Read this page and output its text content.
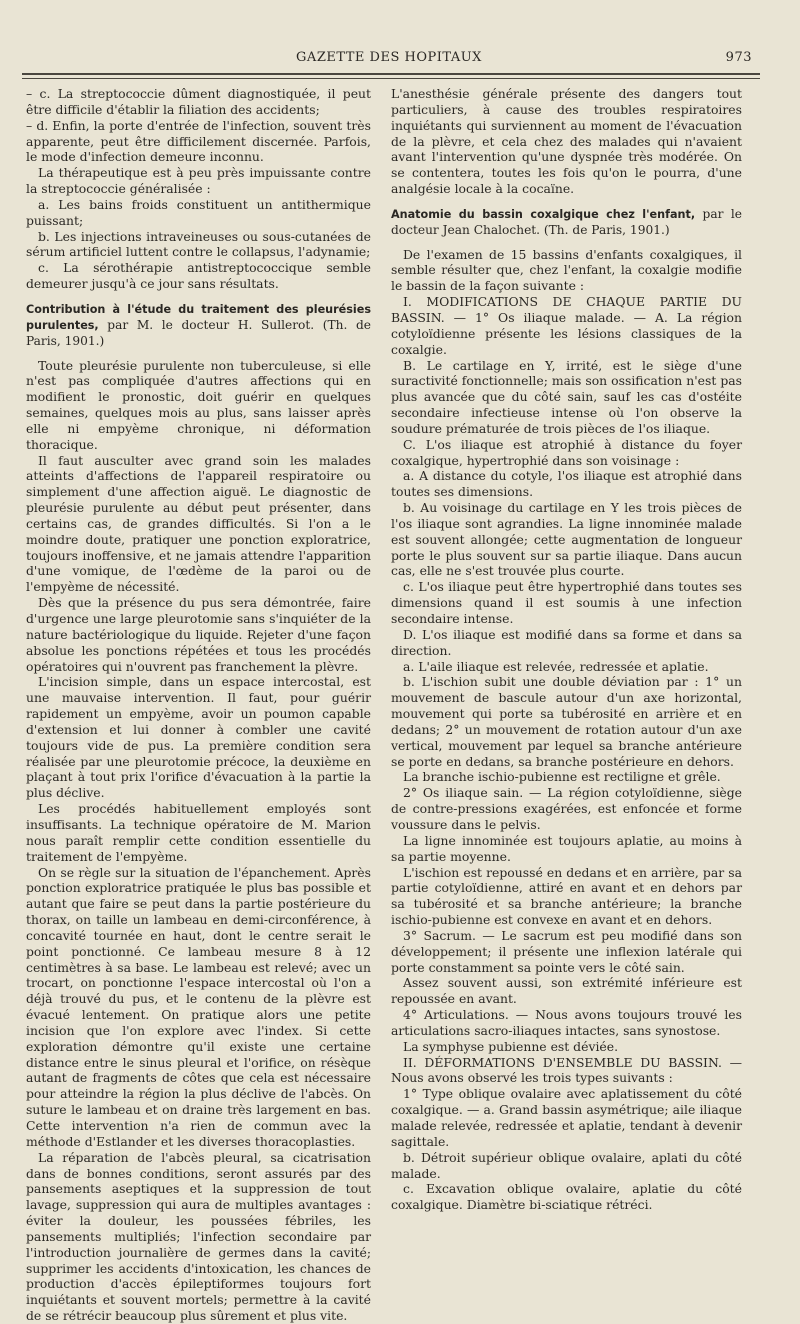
GAZETTE DES HOPITAUX	973

– c. La streptococcie dûment diagnostiquée, il peut être difficile d'établir la filiation des accidents;

– d. Enfin, la porte d'entrée de l'infection, souvent très apparente, peut être difficilement discernée. Parfois, le mode d'infection demeure inconnu.

La thérapeutique est à peu près impuissante contre la streptococcie généralisée :

a. Les bains froids constituent un antithermique puissant;

b. Les injections intraveineuses ou sous-cutanées de sérum artificiel luttent contre le collapsus, l'adynamie;

c. La sérothérapie antistreptococcique semble demeurer jusqu'à ce jour sans résultats.

Contribution à l'étude du traitement des pleurésies purulentes, par M. le docteur H. Sullerot. (Th. de Paris, 1901.)

Toute pleurésie purulente non tuberculeuse, si elle n'est pas compliquée d'autres affections qui en modifient le pronostic, doit guérir en quelques semaines, quelques mois au plus, sans laisser après elle ni empyème chronique, ni déformation thoracique.

Il faut ausculter avec grand soin les malades atteints d'affections de l'appareil respiratoire ou simplement d'une affection aiguë. Le diagnostic de pleurésie purulente au début peut présenter, dans certains cas, de grandes difficultés. Si l'on a le moindre doute, pratiquer une ponction exploratrice, toujours inoffensive, et ne jamais attendre l'apparition d'une vomique, de l'œdème de la paroi ou de l'empyème de nécessité.

Dès que la présence du pus sera démontrée, faire d'urgence une large pleurotomie sans s'inquiéter de la nature bactériologique du liquide. Rejeter d'une façon absolue les ponctions répétées et tous les procédés opératoires qui n'ouvrent pas franchement la plèvre.

L'incision simple, dans un espace intercostal, est une mauvaise intervention. Il faut, pour guérir rapidement un empyème, avoir un poumon capable d'extension et lui donner à combler une cavité toujours vide de pus. La première condition sera réalisée par une pleurotomie précoce, la deuxième en plaçant à tout prix l'orifice d'évacuation à la partie la plus déclive.

Les procédés habituellement employés sont insuffisants. La technique opératoire de M. Marion nous paraît remplir cette condition essentielle du traitement de l'empyème.

On se règle sur la situation de l'épanchement. Après ponction exploratrice pratiquée le plus bas possible et autant que faire se peut dans la partie postérieure du thorax, on taille un lambeau en demi-circonférence, à concavité tournée en haut, dont le centre serait le point ponctionné. Ce lambeau mesure 8 à 12 centimètres à sa base. Le lambeau est relevé; avec un trocart, on ponctionne l'espace intercostal où l'on a déjà trouvé du pus, et le contenu de la plèvre est évacué lentement. On pratique alors une petite incision que l'on explore avec l'index. Si cette exploration démontre qu'il existe une certaine distance entre le sinus pleural et l'orifice, on résèque autant de fragments de côtes que cela est nécessaire pour atteindre la région la plus déclive de l'abcès. On suture le lambeau et on draine très largement en bas. Cette intervention n'a rien de commun avec la méthode d'Estlander et les diverses thoracoplasties.

La réparation de l'abcès pleural, sa cicatrisation dans de bonnes conditions, seront assurés par des pansements aseptiques et la suppression de tout lavage, suppression qui aura de multiples avantages : éviter la douleur, les poussées fébriles, les pansements multipliés; l'infection secondaire par l'introduction journalière de germes dans la cavité; supprimer les accidents d'intoxication, les chances de production d'accès épileptiformes toujours fort inquiétants et souvent mortels; permettre à la cavité de se rétrécir beaucoup plus sûrement et plus vite.

L'anesthésie générale présente des dangers tout particuliers, à cause des troubles respiratoires inquiétants qui surviennent au moment de l'évacuation de la plèvre, et cela chez des malades qui n'avaient avant l'intervention qu'une dyspnée très modérée. On se contentera, toutes les fois qu'on le pourra, d'une analgésie locale à la cocaïne.

Anatomie du bassin coxalgique chez l'enfant, par le docteur Jean Chalochet. (Th. de Paris, 1901.)

De l'examen de 15 bassins d'enfants coxalgiques, il semble résulter que, chez l'enfant, la coxalgie modifie le bassin de la façon suivante :

I. MODIFICATIONS DE CHAQUE PARTIE DU BASSIN. — 1° Os iliaque malade. — A. La région cotyloïdienne présente les lésions classiques de la coxalgie.

B. Le cartilage en Y, irrité, est le siège d'une suractivité fonctionnelle; mais son ossification n'est pas plus avancée que du côté sain, sauf les cas d'ostéite secondaire infectieuse intense où l'on observe la soudure prématurée de trois pièces de l'os iliaque.

C. L'os iliaque est atrophié à distance du foyer coxalgique, hypertrophié dans son voisinage :

a. A distance du cotyle, l'os iliaque est atrophié dans toutes ses dimensions.

b. Au voisinage du cartilage en Y les trois pièces de l'os iliaque sont agrandies. La ligne innominée malade est souvent allongée; cette augmentation de longueur porte le plus souvent sur sa partie iliaque. Dans aucun cas, elle ne s'est trouvée plus courte.

c. L'os iliaque peut être hypertrophié dans toutes ses dimensions quand il est soumis à une infection secondaire intense.

D. L'os iliaque est modifié dans sa forme et dans sa direction.

a. L'aile iliaque est relevée, redressée et aplatie.

b. L'ischion subit une double déviation par : 1° un mouvement de bascule autour d'un axe horizontal, mouvement qui porte sa tubérosité en arrière et en dedans; 2° un mouvement de rotation autour d'un axe vertical, mouvement par lequel sa branche antérieure se porte en dedans, sa branche postérieure en dehors.

La branche ischio-pubienne est rectiligne et grêle.

2° Os iliaque sain. — La région cotyloïdienne, siège de contre-pressions exagérées, est enfoncée et forme voussure dans le pelvis.

La ligne innominée est toujours aplatie, au moins à sa partie moyenne.

L'ischion est repoussé en dedans et en arrière, par sa partie cotyloïdienne, attiré en avant et en dehors par sa tubérosité et sa branche antérieure; la branche ischio-pubienne est convexe en avant et en dehors.

3° Sacrum. — Le sacrum est peu modifié dans son développement; il présente une inflexion latérale qui porte constamment sa pointe vers le côté sain.

Assez souvent aussi, son extrémité inférieure est repoussée en avant.

4° Articulations. — Nous avons toujours trouvé les articulations sacro-iliaques intactes, sans synostose.

La symphyse pubienne est déviée.

II. DÉFORMATIONS D'ENSEMBLE DU BASSIN. — Nous avons observé les trois types suivants :

1° Type oblique ovalaire avec aplatissement du côté coxalgique. — a. Grand bassin asymétrique; aile iliaque malade relevée, redressée et aplatie, tendant à devenir sagittale.

b. Détroit supérieur oblique ovalaire, aplati du côté malade.

c. Excavation oblique ovalaire, aplatie du côté coxalgique. Diamètre bi-sciatique rétréci.
